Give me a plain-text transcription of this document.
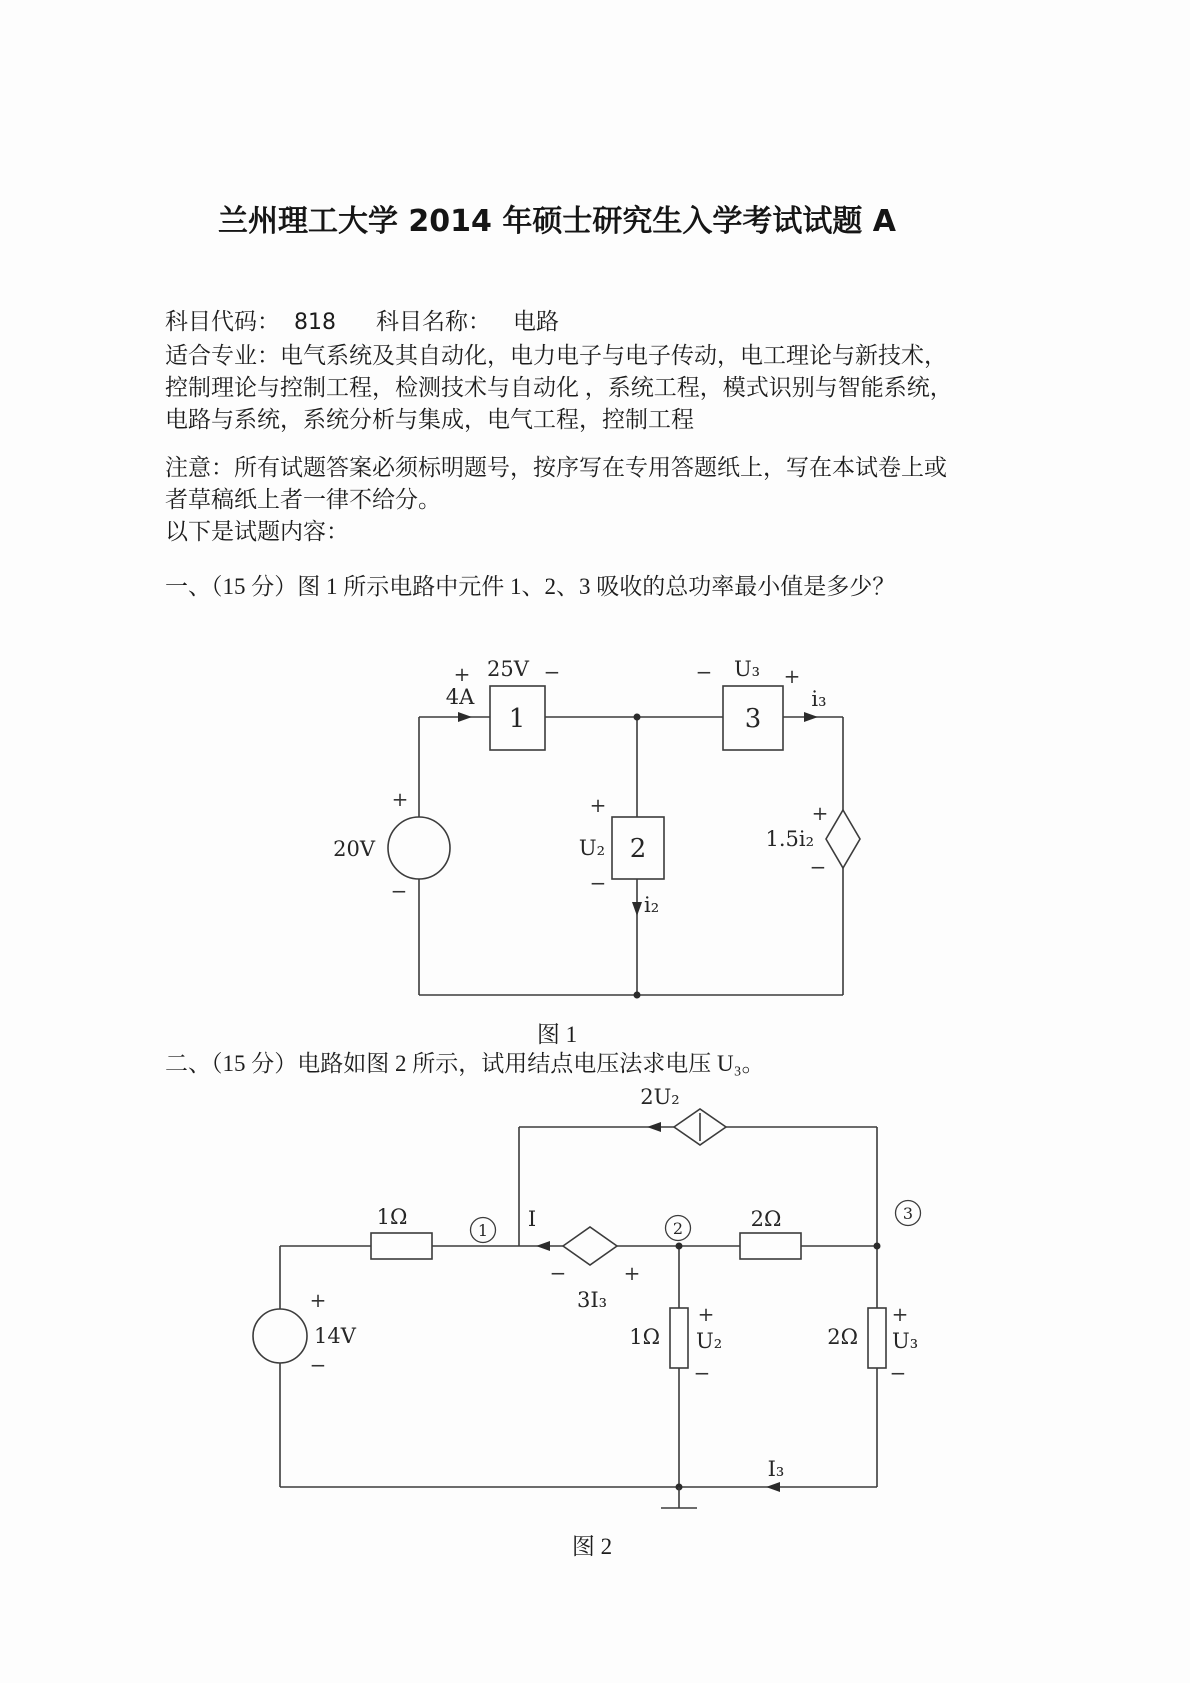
兰州理工大学 2014 年硕士研究生入学考试试题 A
科目代码： 818 科目名称： 电路
适合专业：电气系统及其自动化，电力电子与电子传动，电工理论与新技术，
控制理论与控制工程，检测技术与自动化 ，系统工程，模式识别与智能系统，
电路与系统，系统分析与集成，电气工程，控制工程
注意：所有试题答案必须标明题号，按序写在专用答题纸上，写在本试卷上或
者草稿纸上者一律不给分。
以下是试题内容：
一、（15 分）图 1 所示电路中元件 1、2、3 吸收的总功率最小值是多少？
20V
+
−
4A
1
+ 25V −
3
− U₃ +
i₃
2
+
U₂
−
i₂
1.5i₂
+
−
图 1
二、（15 分）电路如图 2 所示，试用结点电压法求电压 U₃。
2U₂
+
14V
−
1Ω
1 I
−	+
3I₃
2	2Ω	3
1Ω
+
U₂
−
2Ω
+
U₃
−
I₃
图 2
